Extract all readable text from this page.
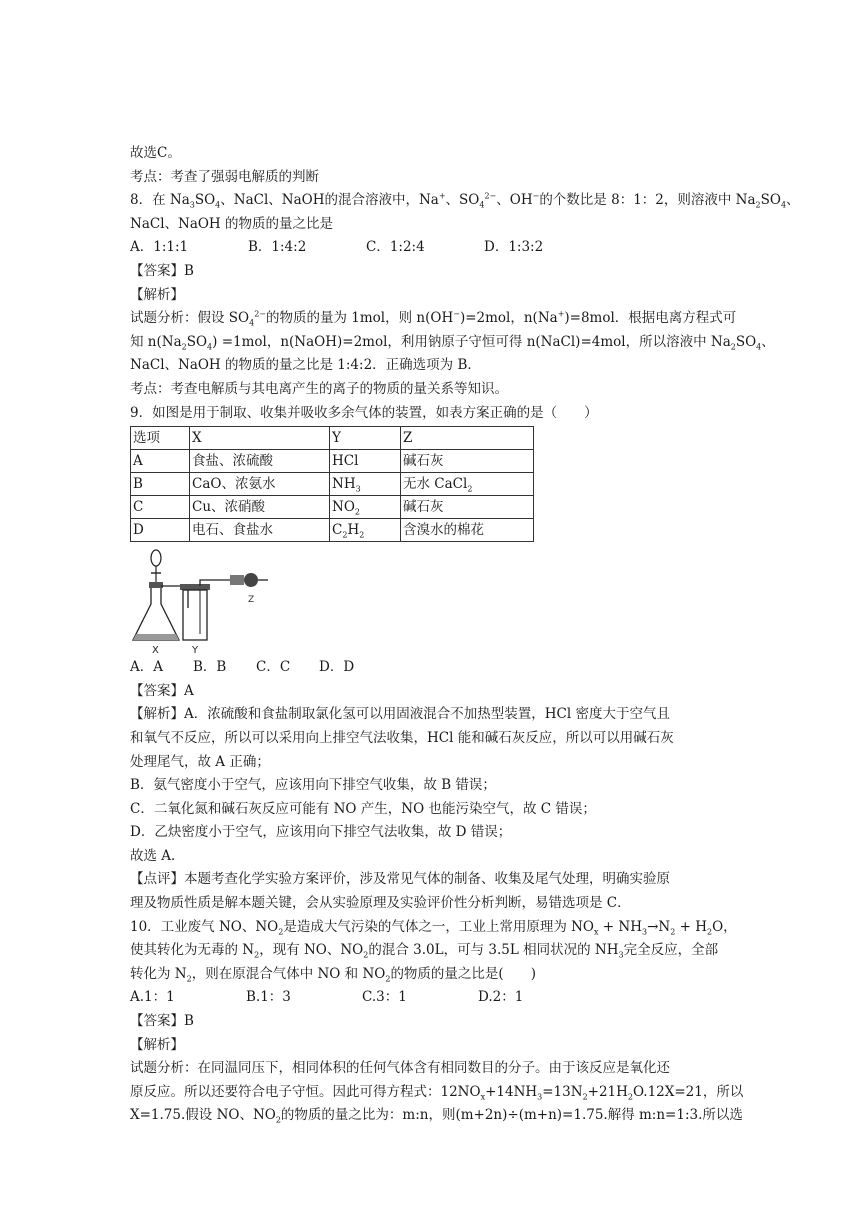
故选C。
考点：考查了强弱电解质的判断
8．在 $Na_3SO_4$、NaCl、NaOH的混合溶液中，Na+、$SO_4^{2-}$、OH−的个数比是 8：1：2，则溶液中 $Na_2SO_4$、
NaCl、NaOH 的物质的量之比是
A．1:1:1	B．1:4:2	C．1:2:4	D．1:3:2
【答案】B
【解析】
试题分析：假设 $SO_4^{2-}$的物质的量为 1mol，则 n(OH−)=2mol，n(Na+)=8mol．根据电离方程式可
知 $n(Na_2SO_4) =1mol$，n(NaOH)=2mol，利用钠原子守恒可得 n(NaCl)=4mol，所以溶液中 $Na_2SO_4$、
NaCl、NaOH 的物质的量之比是 1:4:2．正确选项为 B．
考点：考查电解质与其电离产生的离子的物质的量关系等知识。
9．如图是用于制取、收集并吸收多余气体的装置，如表方案正确的是（　　）
选项	X	Y	Z
A	食盐、浓硫酸	HCl	碱石灰
B	CaO、浓氨水	$NH_3$	无水 CaCl$_2$
C	Cu、浓硝酸	$NO_2$	碱石灰
D	电石、食盐水	$C_2H_2$	含溴水的棉花
Z
X	Y
A．A	B．B	C．C	D．D
【答案】A
【解析】A．浓硫酸和食盐制取氯化氢可以用固液混合不加热型装置，HCl 密度大于空气且
和氧气不反应，所以可以采用向上排空气法收集，HCl 能和碱石灰反应，所以可以用碱石灰
处理尾气，故 A 正确；
B．氨气密度小于空气，应该用向下排空气收集，故 B 错误；
C．二氧化氮和碱石灰反应可能有 NO 产生，NO 也能污染空气，故 C 错误；
D．乙炔密度小于空气，应该用向下排空气法收集，故 D 错误；
故选 A．
【点评】本题考查化学实验方案评价，涉及常见气体的制备、收集及尾气处理，明确实验原
理及物质性质是解本题关键，会从实验原理及实验评价性分析判断，易错选项是 C．
10．工业废气 NO、$NO_2$是造成大气污染的气体之一，工业上常用原理为 $NO_x + NH_3\to N_2 + H_2O$，
使其转化为无毒的 $N_2$，现有 NO、$NO_2$的混合 3.0L，可与 3.5L 相同状况的 $NH_3$完全反应，全部
转化为 $N_2$，则在原混合气体中 NO 和 $NO_2$的物质的量之比是(　　)
A.1：1	B.1：3	C.3：1	D.2：1
【答案】B
【解析】
试题分析：在同温同压下，相同体积的任何气体含有相同数目的分子。由于该反应是氧化还
原反应。所以还要符合电子守恒。因此可得方程式：$12NO_x+14NH_3=13N_2+21H_2O.12X=21$，所以
X=1.75.假设 NO、$NO_2$的物质的量之比为：m:n，则(m+2n)÷(m+n)=1.75.解得 m:n=1:3.所以选
